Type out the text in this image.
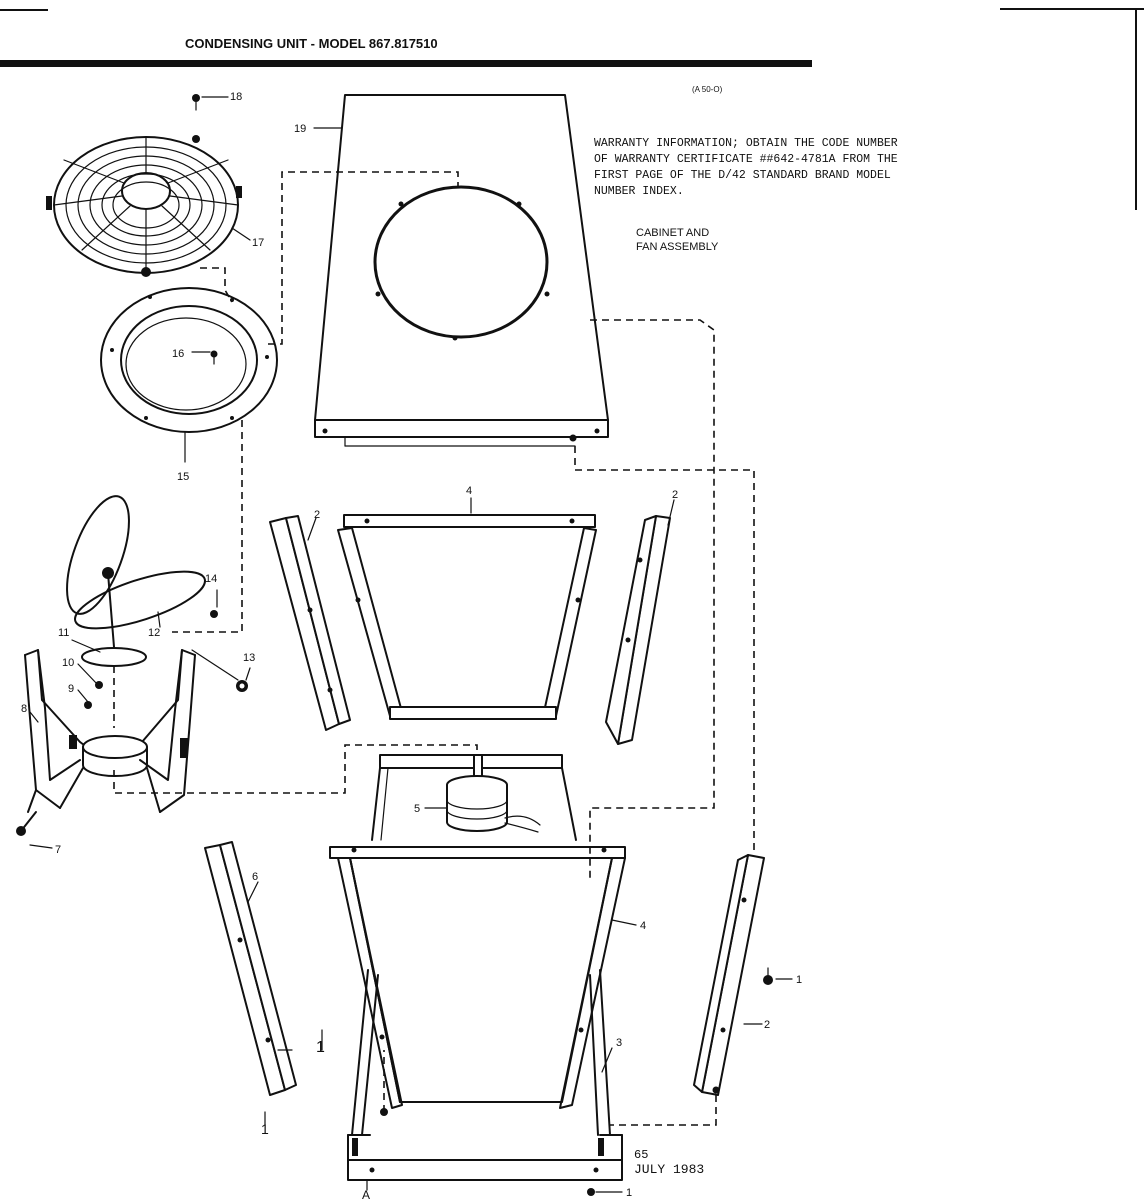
CONDENSING UNIT - MODEL 867.817510
(A 50-O)
WARRANTY INFORMATION; OBTAIN THE CODE NUMBER
OF WARRANTY CERTIFICATE ##642-4781A FROM THE
FIRST PAGE OF THE D/42 STANDARD BRAND MODEL
NUMBER INDEX.
CABINET AND
FAN ASSEMBLY
18
19
17
16
15
14
12
13
11
10
9
8
7
4
2
2
5
4
6
1	3
2
1
1
A	1
65
JULY 1983
